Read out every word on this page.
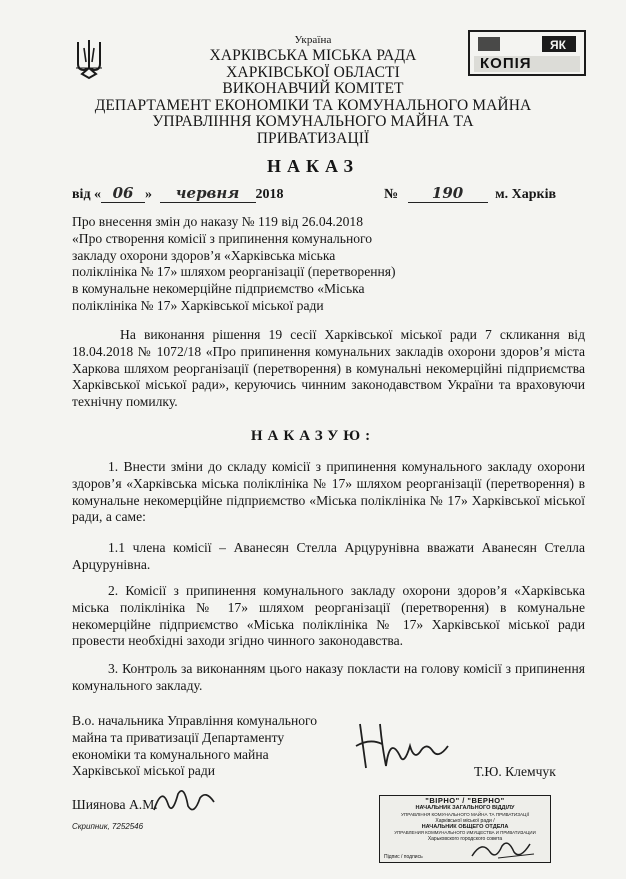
Україна
ХАРКІВСЬКА МІСЬКА РАДА
ХАРКІВСЬКОЇ ОБЛАСТІ
ВИКОНАВЧИЙ КОМІТЕТ
ДЕПАРТАМЕНТ ЕКОНОМІКИ ТА КОМУНАЛЬНОГО МАЙНА
УПРАВЛІННЯ КОМУНАЛЬНОГО МАЙНА ТА
ПРИВАТИЗАЦІЇ
ЯК
КОПІЯ
НАКАЗ
від « 06 » червня 2018	№ 190 м. Харків
Про внесення змін до наказу № 119 від 26.04.2018
«Про створення комісії з припинення комунального
закладу охорони здоров’я «Харківська міська
поліклініка № 17» шляхом реорганізації (перетворення)
в комунальне некомерційне підприємство «Міська
поліклініка № 17» Харківської міської ради
На виконання рішення 19 сесії Харківської міської ради 7 скликання від 18.04.2018 № 1072/18 «Про припинення комунальних закладів охорони здоров’я міста Харкова шляхом реорганізації (перетворення) в комунальні некомерційні підприємства Харківської міської ради», керуючись чинним законодавством України та враховуючи технічну помилку.
НАКАЗУЮ:
1. Внести зміни до складу комісії з припинення комунального закладу охорони здоров’я «Харківська міська поліклініка № 17» шляхом реорганізації (перетворення) в комунальне некомерційне підприємство «Міська поліклініка № 17» Харківської міської ради, а саме:
1.1 члена комісії – Аванесян Стелла Арцурунівна вважати Аванесян Стелла Арцурунівна.
2. Комісії з припинення комунального закладу охорони здоров’я «Харківська міська поліклініка № 17» шляхом реорганізації (перетворення) в комунальне некомерційне підприємство «Міська поліклініка № 17» Харківської міської ради провести необхідні заходи згідно чинного законодавства.
3. Контроль за виконанням цього наказу покласти на голову комісії з припинення комунального закладу.
В.о. начальника Управління комунального
майна та приватизації Департаменту
економіки та комунального майна
Харківської міської ради	Т.Ю. Клемчук
Шиянова А.М.
Скрипник, 7252546
"ВІРНО" / "ВЕРНО"
НАЧАЛЬНИК ЗАГАЛЬНОГО ВІДДІЛУ
УПРАВЛІННЯ КОМУНАЛЬНОГО МАЙНА ТА ПРИВАТИЗАЦІЇ
Харківської міської ради /
НАЧАЛЬНИК ОБЩЕГО ОТДЕЛА
УПРАВЛЕНИЯ КОММУНАЛЬНОГО ИМУЩЕСТВА И ПРИВАТИЗАЦИИ
Харьковского городского совета
Підпис / подпись
